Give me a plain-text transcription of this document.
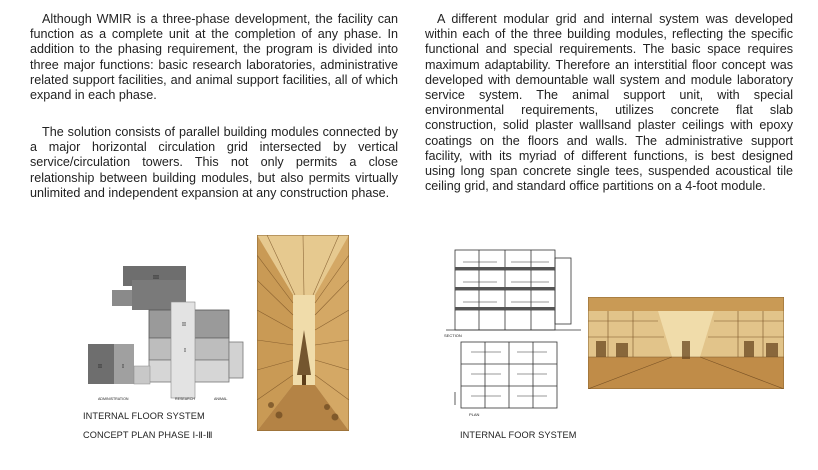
Although WMIR is a three-phase development, the facility can function as a complete unit at the completion of any phase. In addition to the phasing requirement, the program is divided into three major functions: basic research laboratories, administrative related support facilities, and animal support facilities, all of which expand in each phase.

The solution consists of parallel building modules connected by a major horizontal circulation grid intersected by vertical service/circulation towers. This not only permits a close relationship between building modules, but also permits virtually unlimited and independent expansion at any construction phase.

A different modular grid and internal system was developed within each of the three building modules, reflecting the specific functional and special requirements. The basic space requires maximum adaptability. Therefore an interstitial floor concept was developed with demountable wall system and module laboratory service system. The animal support unit, with special environmental requirements, utilizes concrete flat slab construction, solid plaster walllsand plaster ceilings with epoxy coatings on the floors and walls. The administrative support facility, with its myriad of different functions, is best designed using long span concrete single tees, suspended acoustical tile ceiling grid, and standard office partitions on a 4-foot module.

III
II
I
II	I
ADMINISTRATION	RESEARCH	ANIMAL
INTERNAL FLOOR SYSTEM
CONCEPT PLAN PHASE Ⅰ-Ⅱ-Ⅲ
SECTION
PLAN
INTERNAL FOOR SYSTEM
